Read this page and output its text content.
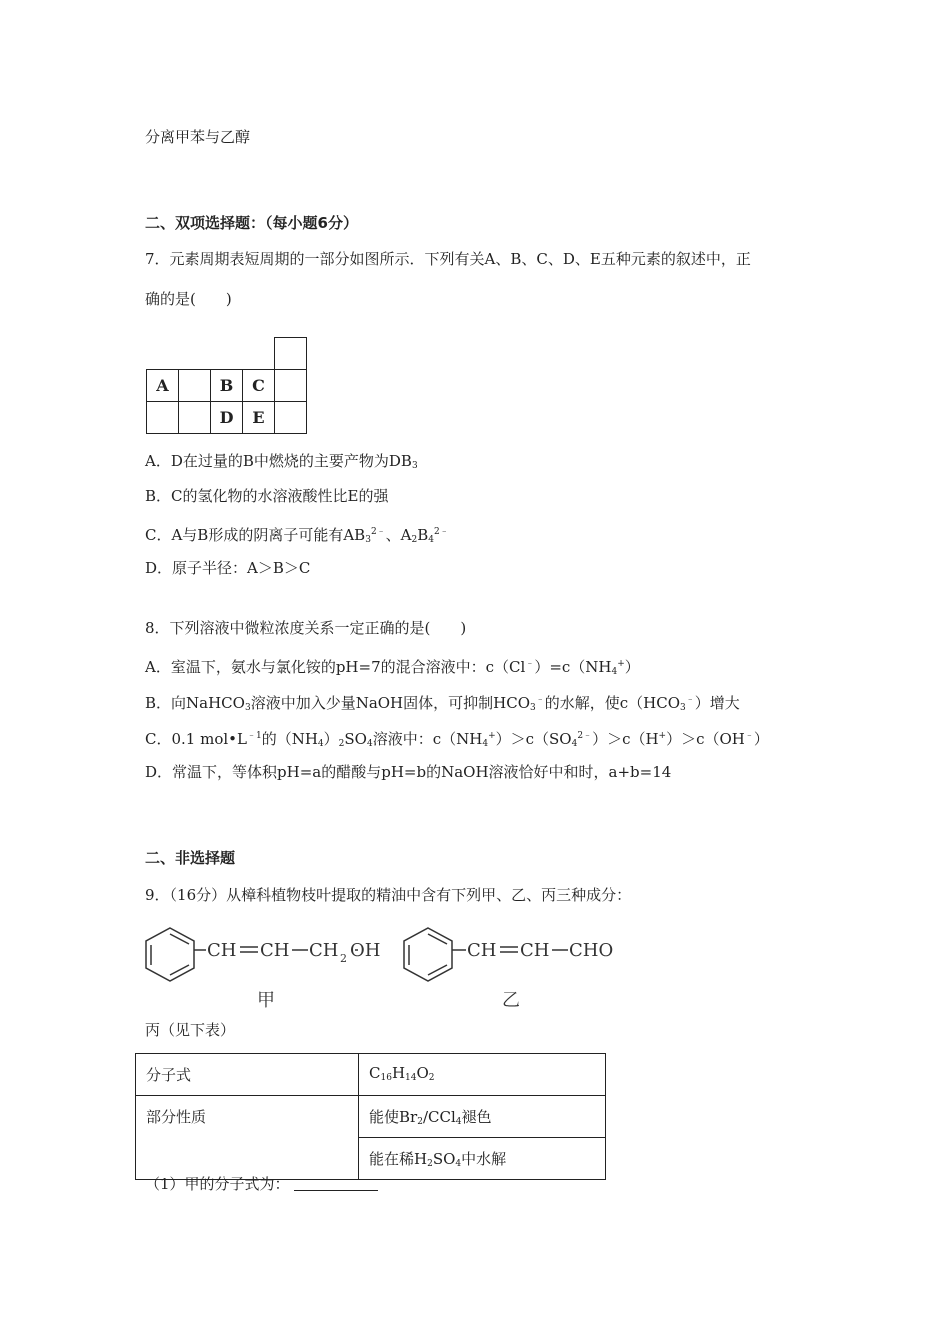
分离甲苯与乙醇
二、双项选择题：（每小题6分）
7．元素周期表短周期的一部分如图所示．下列有关A、B、C、D、E五种元素的叙述中，正
确的是(　　)

A		B	C	
		D	E	
A．D在过量的B中燃烧的主要产物为$DB_3$
B．C的氢化物的水溶液酸性比E的强
C．A与B形成的阴离子可能有$AB_3^{2﹣}$、$A_2B_4^{2﹣}$
D．原子半径：A＞B＞C
8．下列溶液中微粒浓度关系一定正确的是(　　)
A．室温下，氨水与氯化铵的pH=7的混合溶液中：$c(Cl^﹣)=c(NH_4^+)$
B．向NaHCO$_3$溶液中加入少量NaOH固体，可抑制$HCO_3^﹣$的水解，使$c(HCO_3^﹣)$增大
C．0.1 $mol•L^{﹣1}$的$(NH_4)_2SO_4$溶液中：$c(NH_4^+)>c(SO_4^{2﹣})>c(H^+)>c(OH^﹣)$
D．常温下，等体积pH=a的醋酸与pH=b的NaOH溶液恰好中和时，a+b=14
二、非选择题
9．（16分）从樟科植物枝叶提取的精油中含有下列甲、乙、丙三种成分：
CH CH CH 2 OH
甲
CH CH CHO
乙
丙（见下表）
分子式	$C_{16}H_{14}O_2$
部分性质	能使$Br_2/CCl_4$褪色
	能在稀$H_2SO_4$中水解
（1）甲的分子式为：
